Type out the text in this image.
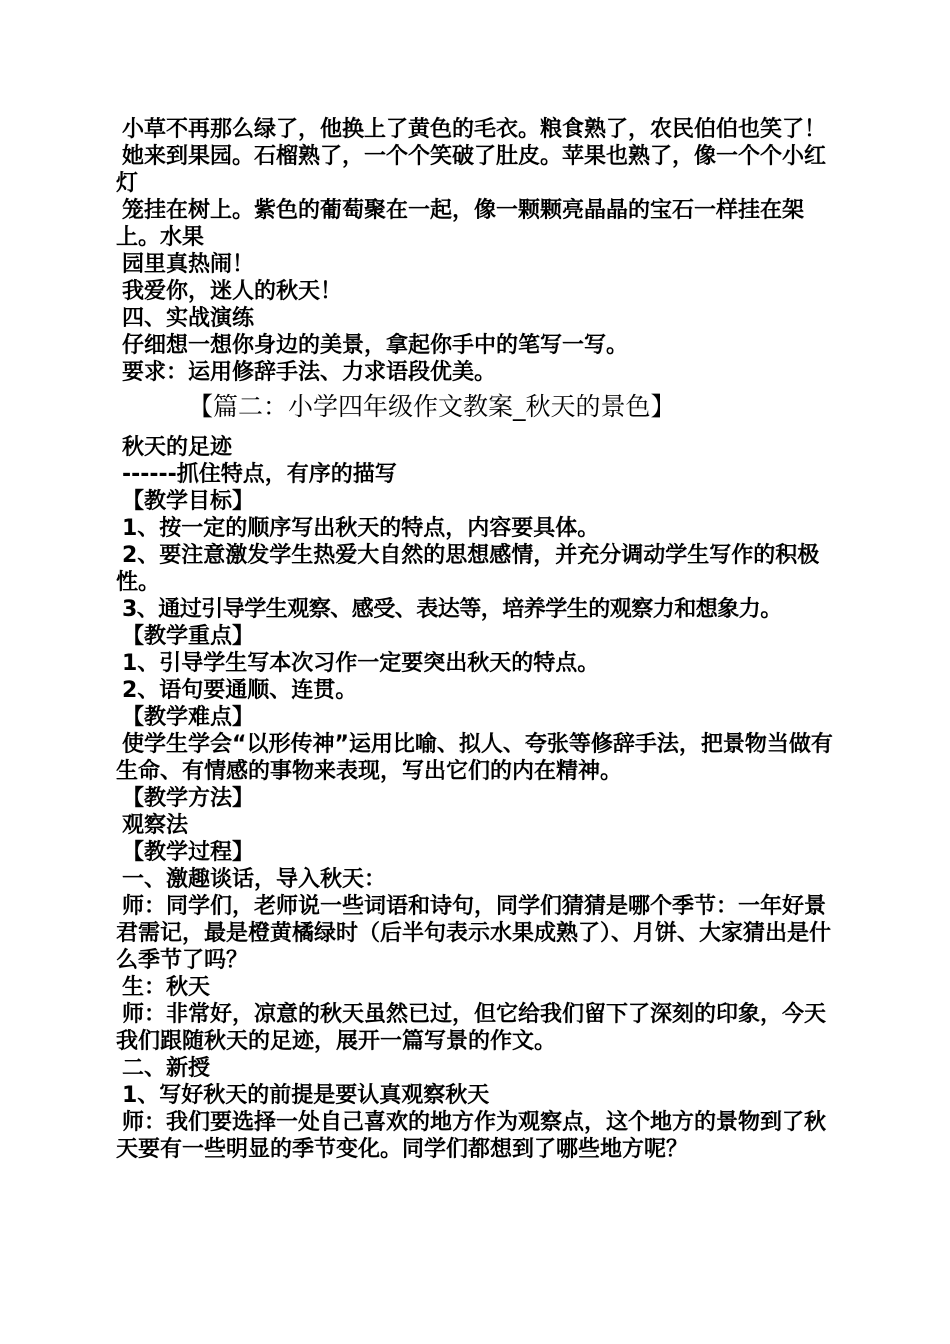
小草不再那么绿了，他换上了黄色的毛衣。粮食熟了，农民伯伯也笑了！

她来到果园。石榴熟了，一个个笑破了肚皮。苹果也熟了，像一个个小红灯

笼挂在树上。紫色的葡萄聚在一起，像一颗颗亮晶晶的宝石一样挂在架上。水果

园里真热闹！

我爱你，迷人的秋天！

四、实战演练

仔细想一想你身边的美景，拿起你手中的笔写一写。

要求：运用修辞手法、力求语段优美。

【篇二：小学四年级作文教案_秋天的景色】

秋天的足迹

------抓住特点，有序的描写

【教学目标】

1、按一定的顺序写出秋天的特点，内容要具体。

2、要注意激发学生热爱大自然的思想感情，并充分调动学生写作的积极性。

3、通过引导学生观察、感受、表达等，培养学生的观察力和想象力。

【教学重点】

1、引导学生写本次习作一定要突出秋天的特点。

2、语句要通顺、连贯。

【教学难点】

使学生学会“以形传神”运用比喻、拟人、夸张等修辞手法，把景物当做有生命、有情感的事物来表现，写出它们的内在精神。

【教学方法】

观察法

【教学过程】

一、激趣谈话，导入秋天：

师：同学们，老师说一些词语和诗句，同学们猜猜是哪个季节：一年好景君需记，最是橙黄橘绿时（后半句表示水果成熟了）、月饼、大家猜出是什么季节了吗？

生：秋天

师：非常好，凉意的秋天虽然已过，但它给我们留下了深刻的印象，今天我们跟随秋天的足迹，展开一篇写景的作文。

二、新授

1、写好秋天的前提是要认真观察秋天

师：我们要选择一处自己喜欢的地方作为观察点，这个地方的景物到了秋天要有一些明显的季节变化。同学们都想到了哪些地方呢？
